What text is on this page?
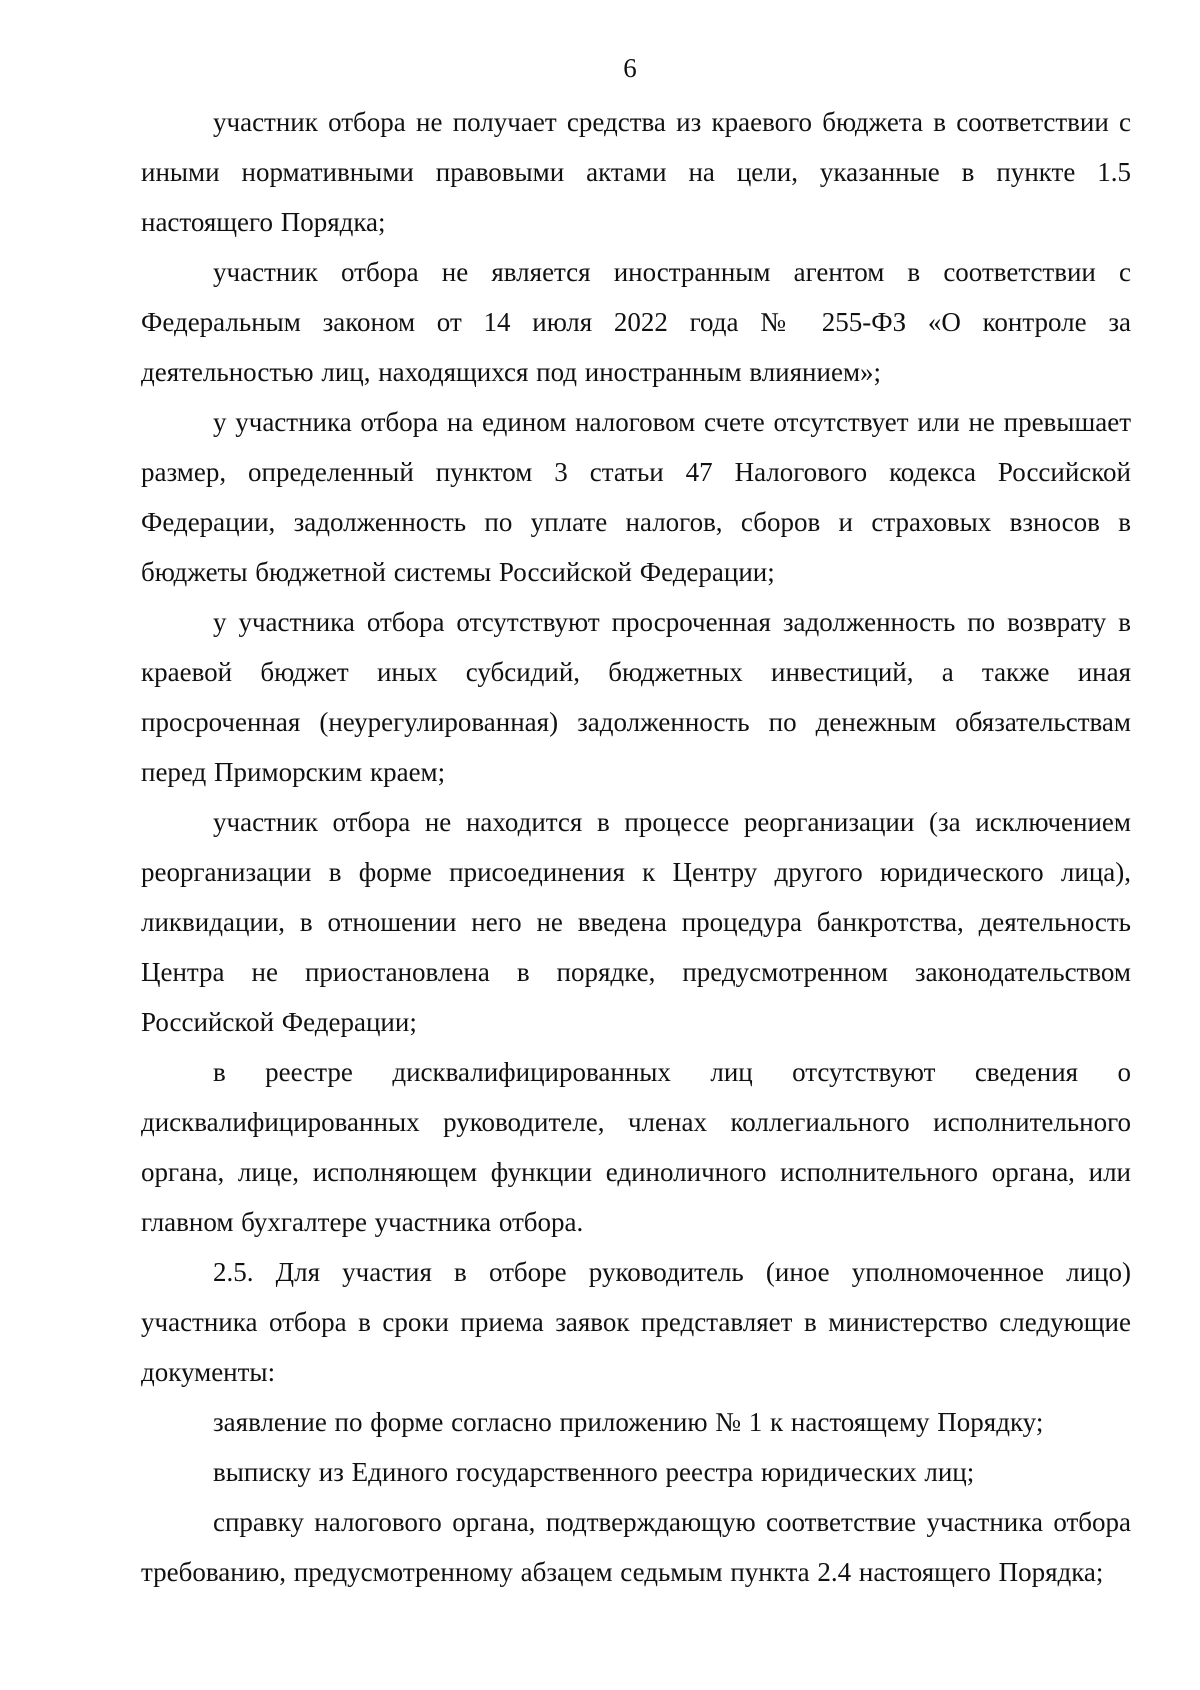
6

участник отбора не получает средства из краевого бюджета в соответствии с иными нормативными правовыми актами на цели, указанные в пункте 1.5 настоящего Порядка;

участник отбора не является иностранным агентом в соответствии с Федеральным законом от 14 июля 2022 года № 255-ФЗ «О контроле за деятельностью лиц, находящихся под иностранным влиянием»;

у участника отбора на едином налоговом счете отсутствует или не превышает размер, определенный пунктом 3 статьи 47 Налогового кодекса Российской Федерации, задолженность по уплате налогов, сборов и страховых взносов в бюджеты бюджетной системы Российской Федерации;

у участника отбора отсутствуют просроченная задолженность по возврату в краевой бюджет иных субсидий, бюджетных инвестиций, а также иная просроченная (неурегулированная) задолженность по денежным обязательствам перед Приморским краем;

участник отбора не находится в процессе реорганизации (за исключением реорганизации в форме присоединения к Центру другого юридического лица), ликвидации, в отношении него не введена процедура банкротства, деятельность Центра не приостановлена в порядке, предусмотренном законодательством Российской Федерации;

в реестре дисквалифицированных лиц отсутствуют сведения о дисквалифицированных руководителе, членах коллегиального исполнительного органа, лице, исполняющем функции единоличного исполнительного органа, или главном бухгалтере участника отбора.

2.5. Для участия в отборе руководитель (иное уполномоченное лицо) участника отбора в сроки приема заявок представляет в министерство следующие документы:

заявление по форме согласно приложению № 1 к настоящему Порядку;

выписку из Единого государственного реестра юридических лиц;

справку налогового органа, подтверждающую соответствие участника отбора требованию, предусмотренному абзацем седьмым пункта 2.4 настоящего Порядка;
